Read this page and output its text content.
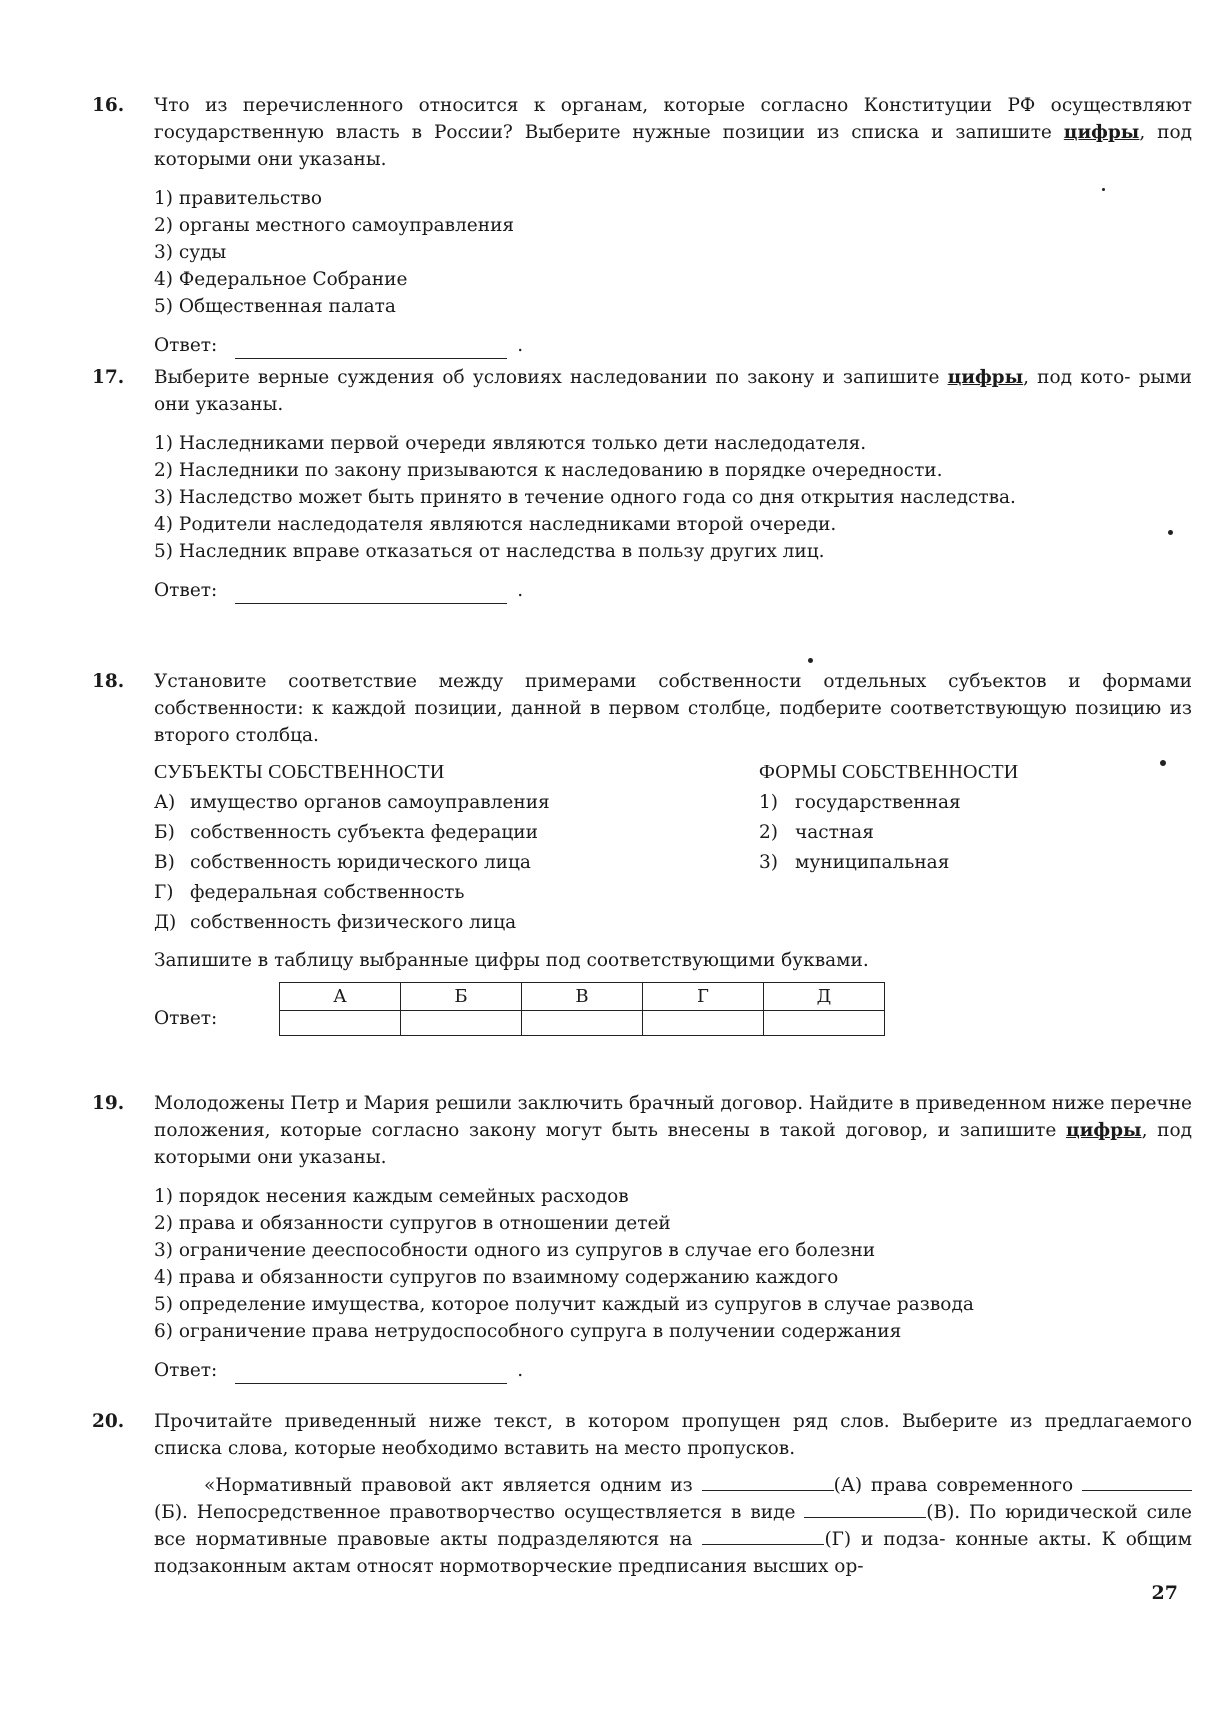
16.	Что из перечисленного относится к органам, которые согласно Конституции РФ осуществляют государственную власть в России? Выберите нужные позиции из списка и запишите цифры, под которыми они указаны.

1) правительство
2) органы местного самоуправления
3) суды
4) Федеральное Собрание
5) Общественная палата
Ответ:	.
17.	Выберите верные суждения об условиях наследовании по закону и запишите цифры, под кото- рыми они указаны.

1) Наследниками первой очереди являются только дети наследодателя.
2) Наследники по закону призываются к наследованию в порядке очередности.
3) Наследство может быть принято в течение одного года со дня открытия наследства.
4) Родители наследодателя являются наследниками второй очереди.
5) Наследник вправе отказаться от наследства в пользу других лиц.
Ответ:	.
18.	Установите соответствие между примерами собственности отдельных субъектов и формами собственности: к каждой позиции, данной в первом столбце, подберите соответствующую позицию из второго столбца.

СУБЪЕКТЫ СОБСТВЕННОСТИ
А) имущество органов самоуправления
Б) собственность субъекта федерации
В) собственность юридического лица
Г) федеральная собственность
Д) собственность физического лица
ФОРМЫ СОБСТВЕННОСТИ
1) государственная
2) частная
3) муниципальная

Запишите в таблицу выбранные цифры под соответствующими буквами.

Ответ:
А	Б	В	Г	Д

19.	Молодожены Петр и Мария решили заключить брачный договор. Найдите в приведенном ниже перечне положения, которые согласно закону могут быть внесены в такой договор, и запишите цифры, под которыми они указаны.

1) порядок несения каждым семейных расходов
2) права и обязанности супругов в отношении детей
3) ограничение дееспособности одного из супругов в случае его болезни
4) права и обязанности супругов по взаимному содержанию каждого
5) определение имущества, которое получит каждый из супругов в случае развода
6) ограничение права нетрудоспособного супруга в получении содержания
Ответ:	.
20.	Прочитайте приведенный ниже текст, в котором пропущен ряд слов. Выберите из предлагаемого списка слова, которые необходимо вставить на место пропусков.

«Нормативный правовой акт является одним из	(А) права современного (Б). Непосредственное правотворчество осуществляется в виде	(В). По юридической силе все нормативные правовые акты подразделяются на	(Г) и подза- конные акты. К общим подзаконным актам относят нормотворческие предписания высших ор-

27
